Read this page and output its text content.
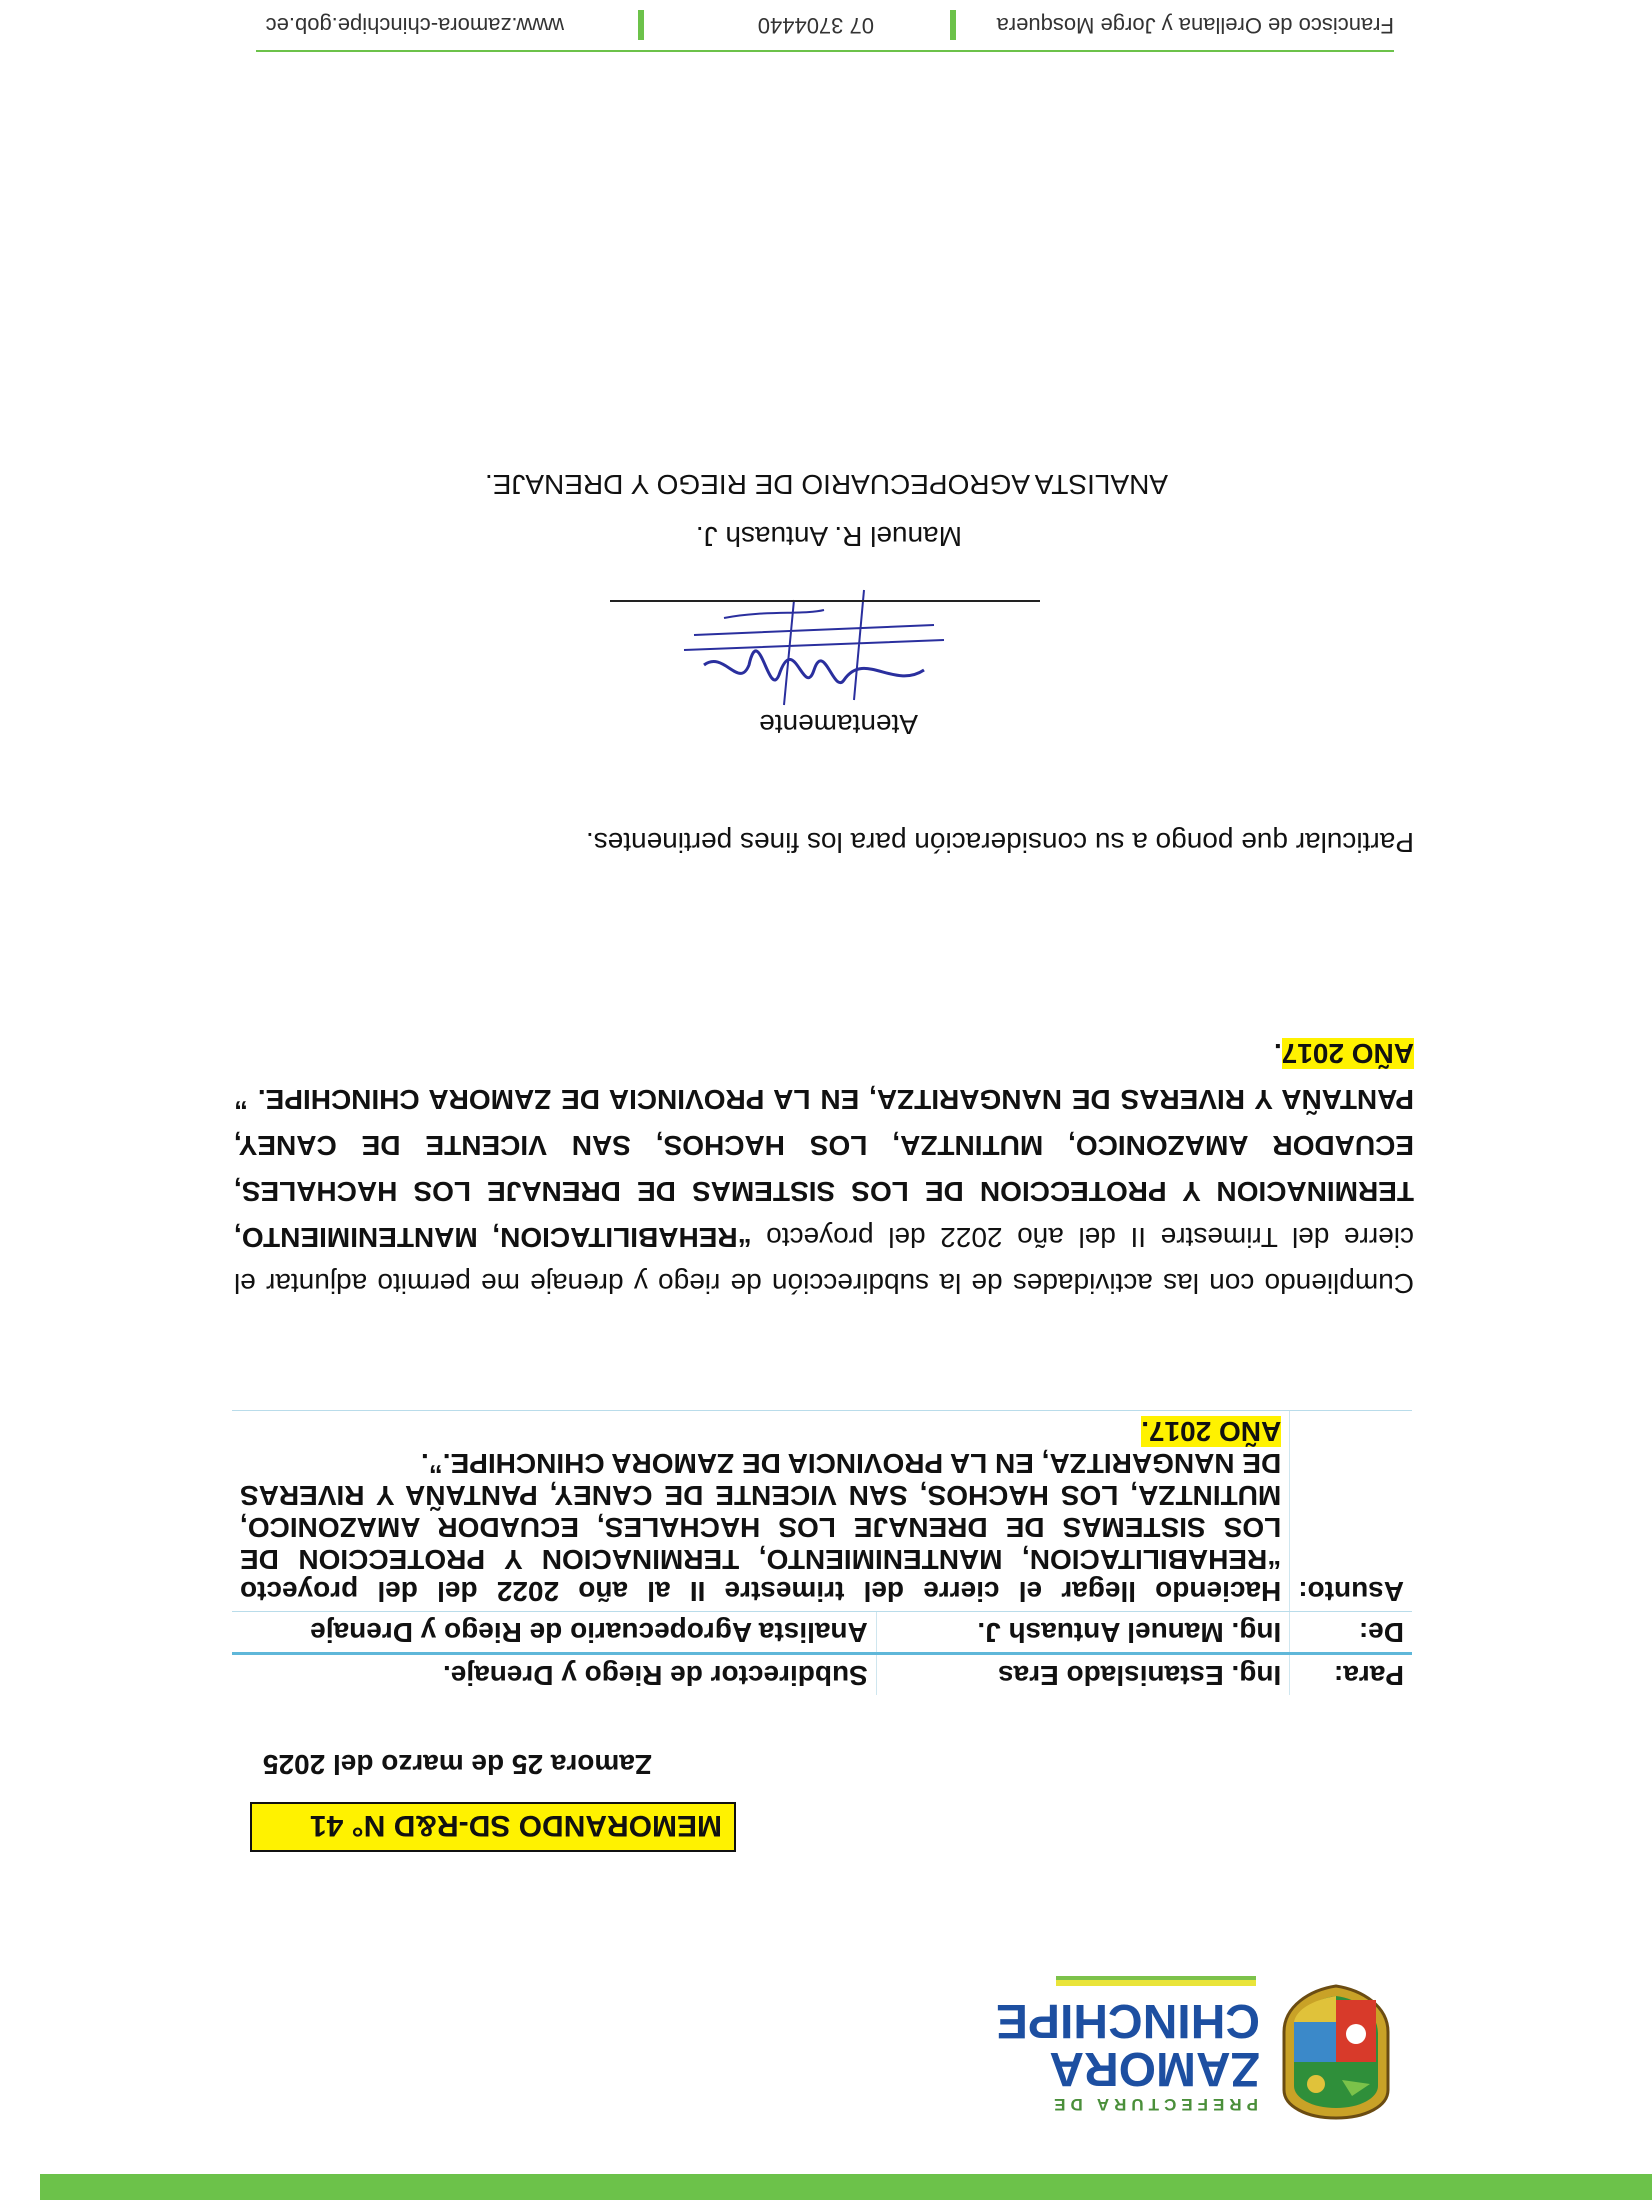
PREFECTURA DE
ZAMORA
CHINCHIPE
MEMORANDO SD-R&D N° 41
Zamora 25 de marzo del 2025
Para:	Ing. Estanislado Eras	Subdirector de Riego y Drenaje.
De:	Ing. Manuel Antuash J.	Analista Agropecuario de Riego y Drenaje
Asunto:	Haciendo llegar el cierre del trimestre II al año 2022 del del proyecto “REHABILITACION, MANTENIMIENTO, TERMINACION Y PROTECCION DE LOS SISTEMAS DE DRENAJE LOS HACHALES, ECUADOR AMAZONICO, MUTINTZA, LOS HACHOS, SAN VICENTE DE CANEY, PANTAÑA Y RIVERAS DE NANGARITZA, EN LA PROVINCIA DE ZAMORA CHINCHIPE.”.
AÑO 2017.	
Cumpliendo con las actividades de la subdirección de riego y drenaje me permito adjuntar el cierre del Trimestre II del año 2022 del proyecto “REHABILITACION, MANTENIMIENTO, TERMINACION Y PROTECCION DE LOS SISTEMAS DE DRENAJE LOS HACHALES, ECUADOR AMAZONICO, MUTINTZA, LOS HACHOS, SAN VICENTE DE CANEY, PANTAÑA Y RIVERAS DE NANGARITZA, EN LA PROVINCIA DE ZAMORA CHINCHIPE. ” AÑO 2017.
Particular que pongo a su consideración para los fines pertinentes.
Atentamente
Manuel R. Antuash J.
ANALISTA AGROPECUARIO DE RIEGO Y DRENAJE.
Francisco de Orellana y Jorge Mosquera
07 3704440
www.zamora-chinchipe.gob.ec
